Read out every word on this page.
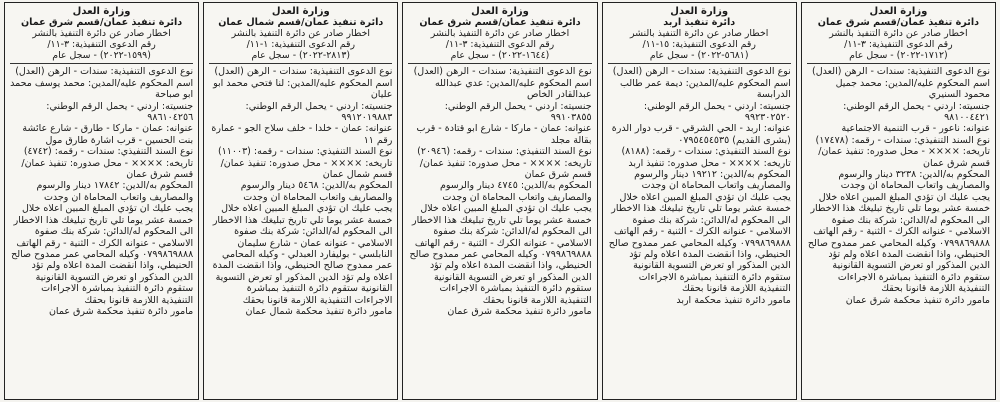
وزارة العدل
دائرة تنفيذ عمان/قسم شرق عمان
اخطار صادر عن دائرة التنفيذ بالنشر
رقم الدعوى التنفيذية: ٣-١١/
(١٧١٢-٢٠٢٢) - سجل عام

نوع الدعوى التنفيذية: سندات - الرهن (العدل)

اسم المحكوم عليه/المدين: محمد جميل محمود السنيري

جنسيته: اردني - يحمل الرقم الوطني: ٩٨١٠٠٤٤٢١

عنوانه: ناعور - قرب التنمية الاجتماعية

نوع السند التنفيذي: سندات - رقمه: (١٧٤٧٨)

تاريخه: ×××× - محل صدوره: تنفيذ عمان/ قسم شرق عمان

المحكوم به/الدين: ٣٢٣٨ دينار والرسوم والمصاريف واتعاب المحاماة ان وجدت

يجب عليك ان تؤدي المبلغ المبين اعلاه خلال خمسة عشر يوما تلي تاريخ تبليغك هذا الاخطار الى المحكوم له/الدائن: شركة بنك صفوة الاسلامي - عنوانه الكرك - الثنية - رقم الهاتف ٠٧٩٩٨٦٩٨٨٨ وكيله المحامي عمر ممدوح صالح الحنيطي، واذا انقضت المدة اعلاه ولم تؤد الدين المذكور او تعرض التسوية القانونية ستقوم دائرة التنفيذ بمباشرة الاجراءات التنفيذية اللازمة قانونا بحقك

مامور دائرة تنفيذ محكمة شرق عمان

وزارة العدل
دائرة تنفيذ اربد
اخطار صادر عن دائرة التنفيذ بالنشر
رقم الدعوى التنفيذية: ١٥-١١/
(٥٦٨١-٢٠٢٢) - سجل عام

نوع الدعوى التنفيذية: سندات - الرهن (العدل)

اسم المحكوم عليه/المدين: ديمة عمر طالب الدرابسة

جنسيته: اردني - يحمل الرقم الوطني: ٩٩٢٣٠٢٥٢٠

عنوانه: اربد - الحي الشرقي - قرب دوار الدرة (بشرى القديم) ٠٧٩٥٤٥٤٥٣٥

نوع السند التنفيذي: سندات - رقمه: (٨١٨٨)

تاريخه: ×××× - محل صدوره: تنفيذ اربد

المحكوم به/الدين: ١٩٢١٢ دينار والرسوم والمصاريف واتعاب المحاماة ان وجدت

يجب عليك ان تؤدي المبلغ المبين اعلاه خلال خمسة عشر يوما تلي تاريخ تبليغك هذا الاخطار الى المحكوم له/الدائن: شركة بنك صفوة الاسلامي - عنوانه الكرك - الثنية - رقم الهاتف ٠٧٩٩٨٦٩٨٨٨ وكيله المحامي عمر ممدوح صالح الحنيطي، واذا انقضت المدة اعلاه ولم تؤد الدين المذكور او تعرض التسوية القانونية ستقوم دائرة التنفيذ بمباشرة الاجراءات التنفيذية اللازمة قانونا بحقك

مامور دائرة تنفيذ محكمة اربد

وزارة العدل
دائرة تنفيذ عمان/قسم شرق عمان
اخطار صادر عن دائرة التنفيذ بالنشر
رقم الدعوى التنفيذية: ٣-١١/
(١٦٤٤-٢٠٢٢) - سجل عام

نوع الدعوى التنفيذية: سندات - الرهن (العدل)

اسم المحكوم عليه/المدين: عدي عبدالله عبدالقادر الخاص

جنسيته: اردني - يحمل الرقم الوطني: ٩٩١٠٣٨٥٥

عنوانه: عمان - ماركا - شارع ابو قتادة - قرب بقالة مجلد

نوع السند التنفيذي: سندات - رقمه: (٢٠٩٤٦)

تاريخه: ×××× - محل صدوره: تنفيذ عمان/ قسم شرق عمان

المحكوم به/الدين: ٤٧٤٥ دينار والرسوم والمصاريف واتعاب المحاماة ان وجدت

يجب عليك ان تؤدي المبلغ المبين اعلاه خلال خمسة عشر يوما تلي تاريخ تبليغك هذا الاخطار الى المحكوم له/الدائن: شركة بنك صفوة الاسلامي - عنوانه الكرك - الثنية - رقم الهاتف ٠٧٩٩٨٦٩٨٨٨ وكيله المحامي عمر ممدوح صالح الحنيطي، واذا انقضت المدة اعلاه ولم تؤد الدين المذكور او تعرض التسوية القانونية ستقوم دائرة التنفيذ بمباشرة الاجراءات التنفيذية اللازمة قانونا بحقك

مامور دائرة تنفيذ محكمة شرق عمان

وزارة العدل
دائرة تنفيذ عمان/قسم شمال عمان
اخطار صادر عن دائرة التنفيذ بالنشر
رقم الدعوى التنفيذية: ١-١١/
(٢٨١٣-٢٠٢٢) - سجل عام

نوع الدعوى التنفيذية: سندات - الرهن (العدل)

اسم المحكوم عليه/المدين: لنا فتحي محمد ابو عليان

جنسيته: اردني - يحمل الرقم الوطني: ٩٩١٢٠١٩٨٨٣

عنوانه: عمان - خلدا - خلف سلاح الجو - عمارة رقم ١١

نوع السند التنفيذي: سندات - رقمه: (١١٠٠٣)

تاريخه: ×××× - محل صدوره: تنفيذ عمان/ قسم شمال عمان

المحكوم به/الدين: ٥٤٦٨ دينار والرسوم والمصاريف واتعاب المحاماة ان وجدت

يجب عليك ان تؤدي المبلغ المبين اعلاه خلال خمسة عشر يوما تلي تاريخ تبليغك هذا الاخطار الى المحكوم له/الدائن: شركة بنك صفوة الاسلامي - عنوانه عمان - شارع سليمان النابلسي - بوليفارد العبدلي - وكيله المحامي عمر ممدوح صالح الحنيطي، واذا انقضت المدة اعلاه ولم تؤد الدين المذكور او تعرض التسوية القانونية ستقوم دائرة التنفيذ بمباشرة الاجراءات التنفيذية اللازمة قانونا بحقك

مامور دائرة تنفيذ محكمة شمال عمان

وزارة العدل
دائرة تنفيذ عمان/قسم شرق عمان
اخطار صادر عن دائرة التنفيذ بالنشر
رقم الدعوى التنفيذية: ٣-١١/
(١٥٩٩-٢٠٢٢) - سجل عام

نوع الدعوى التنفيذية: سندات - الرهن (العدل)

اسم المحكوم عليه/المدين: محمد يوسف محمد ابو صباحة

جنسيته: اردني - يحمل الرقم الوطني: ٩٨٦١٠٤٢٥٦

عنوانه: عمان - ماركا - طارق - شارع عائشة بنت الحسين - قرب اشارة طارق مول

نوع السند التنفيذي: سندات - رقمه: (٤٧٤٢)

تاريخه: ×××× - محل صدوره: تنفيذ عمان/ قسم شرق عمان

المحكوم به/الدين: ١٧٨٤٢ دينار والرسوم والمصاريف واتعاب المحاماة ان وجدت

يجب عليك ان تؤدي المبلغ المبين اعلاه خلال خمسة عشر يوما تلي تاريخ تبليغك هذا الاخطار الى المحكوم له/الدائن: شركة بنك صفوة الاسلامي - عنوانه الكرك - الثنية - رقم الهاتف ٠٧٩٩٨٦٩٨٨٨ وكيله المحامي عمر ممدوح صالح الحنيطي، واذا انقضت المدة اعلاه ولم تؤد الدين المذكور او تعرض التسوية القانونية ستقوم دائرة التنفيذ بمباشرة الاجراءات التنفيذية اللازمة قانونا بحقك

مامور دائرة تنفيذ محكمة شرق عمان
